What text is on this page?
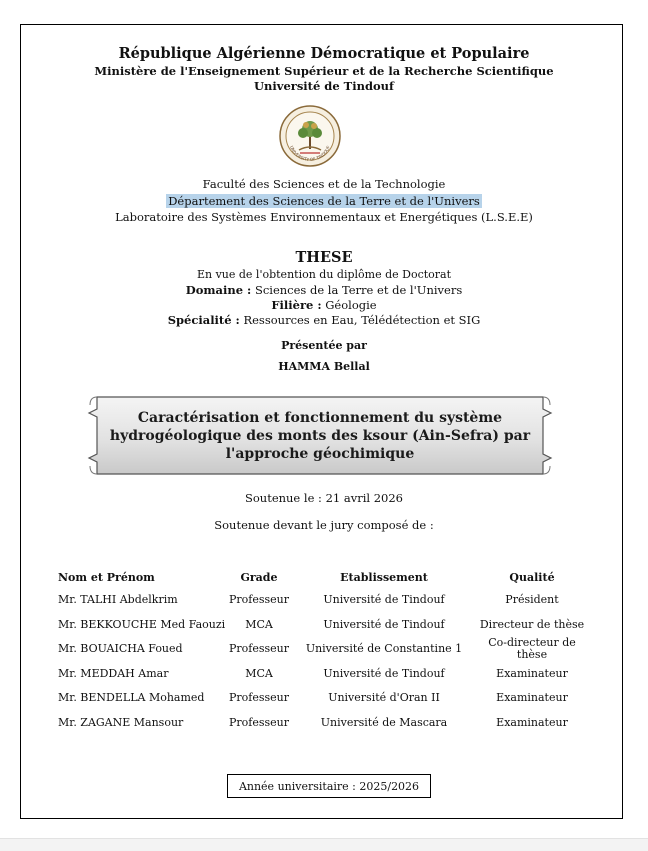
République Algérienne Démocratique et Populaire
Ministère de l'Enseignement Supérieur et de la Recherche Scientifique
Université de Tindouf
UNIVERSITY OF TINDOUF
Faculté des Sciences et de la Technologie
Département des Sciences de la Terre et de l'Univers
Laboratoire des Systèmes Environnementaux et Energétiques (L.S.E.E)
THESE
En vue de l'obtention du diplôme de Doctorat
Domaine : Sciences de la Terre et de l'Univers
Filière : Géologie
Spécialité : Ressources en Eau, Télédétection et SIG
Présentée par
HAMMA Bellal
Caractérisation et fonctionnement du système hydrogéologique des monts des ksour (Ain-Sefra) par l'approche géochimique
Soutenue le : 21 avril 2026
Soutenue devant le jury composé de :
Nom et Prénom	Grade	Etablissement	Qualité
Mr. TALHI Abdelkrim	Professeur	Université de Tindouf	Président
Mr. BEKKOUCHE Med Faouzi	MCA	Université de Tindouf	Directeur de thèse
Mr. BOUAICHA Foued	Professeur	Université de Constantine 1	Co-directeur de thèse
Mr. MEDDAH Amar	MCA	Université de Tindouf	Examinateur
Mr. BENDELLA Mohamed	Professeur	Université d'Oran II	Examinateur
Mr. ZAGANE Mansour	Professeur	Université de Mascara	Examinateur
Année universitaire : 2025/2026
